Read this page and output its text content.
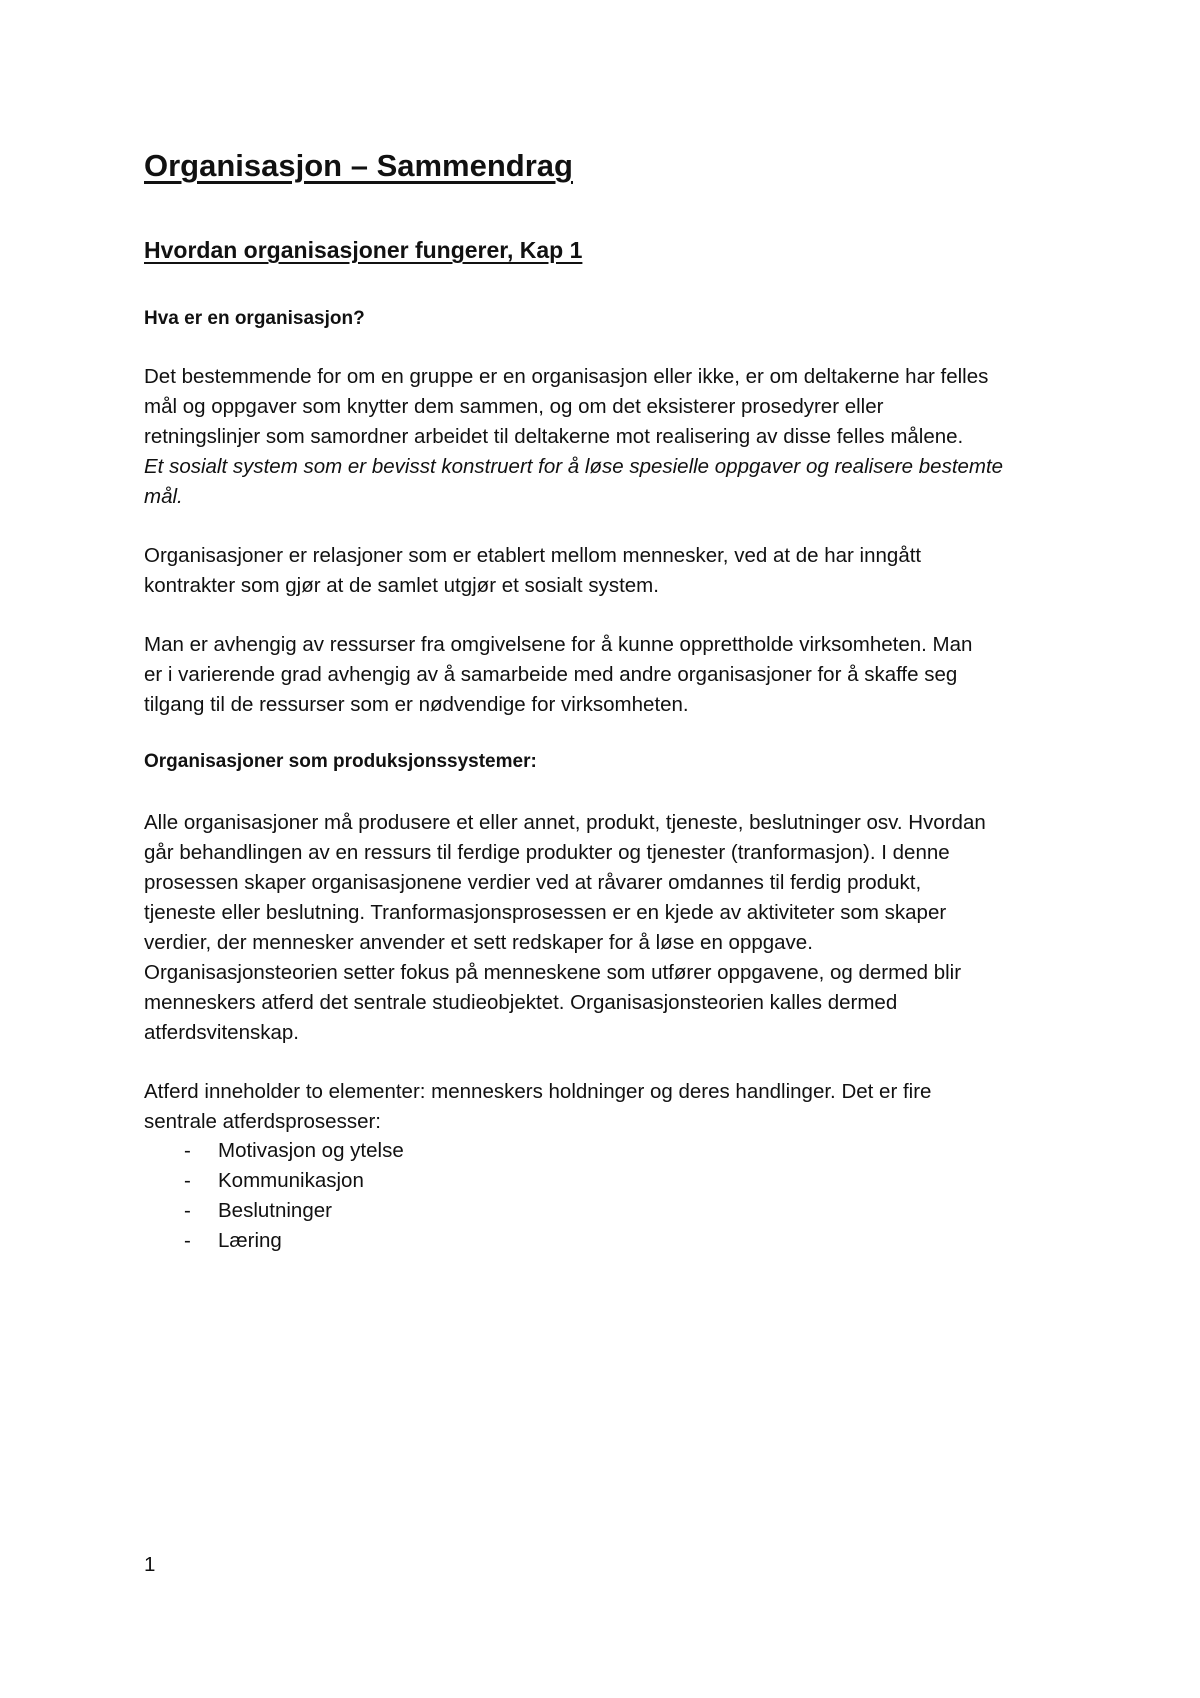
Organisasjon – Sammendrag
Hvordan organisasjoner fungerer, Kap 1
Hva er en organisasjon?

Det bestemmende for om en gruppe er en organisasjon eller ikke, er om deltakerne har felles
mål og oppgaver som knytter dem sammen, og om det eksisterer prosedyrer eller
retningslinjer som samordner arbeidet til deltakerne mot realisering av disse felles målene.
Et sosialt system som er bevisst konstruert for å løse spesielle oppgaver og realisere bestemte
mål.

Organisasjoner er relasjoner som er etablert mellom mennesker, ved at de har inngått
kontrakter som gjør at de samlet utgjør et sosialt system.

Man er avhengig av ressurser fra omgivelsene for å kunne opprettholde virksomheten. Man
er i varierende grad avhengig av å samarbeide med andre organisasjoner for å skaffe seg
tilgang til de ressurser som er nødvendige for virksomheten.

Organisasjoner som produksjonssystemer:

Alle organisasjoner må produsere et eller annet, produkt, tjeneste, beslutninger osv. Hvordan
går behandlingen av en ressurs til ferdige produkter og tjenester (tranformasjon). I denne
prosessen skaper organisasjonene verdier ved at råvarer omdannes til ferdig produkt,
tjeneste eller beslutning. Tranformasjonsprosessen er en kjede av aktiviteter som skaper
verdier, der mennesker anvender et sett redskaper for å løse en oppgave.
Organisasjonsteorien setter fokus på menneskene som utfører oppgavene, og dermed blir
menneskers atferd det sentrale studieobjektet. Organisasjonsteorien kalles dermed
atferdsvitenskap.

Atferd inneholder to elementer: menneskers holdninger og deres handlinger. Det er fire
sentrale atferdsprosesser:

- Motivasjon og ytelse
- Kommunikasjon
- Beslutninger
- Læring
1
